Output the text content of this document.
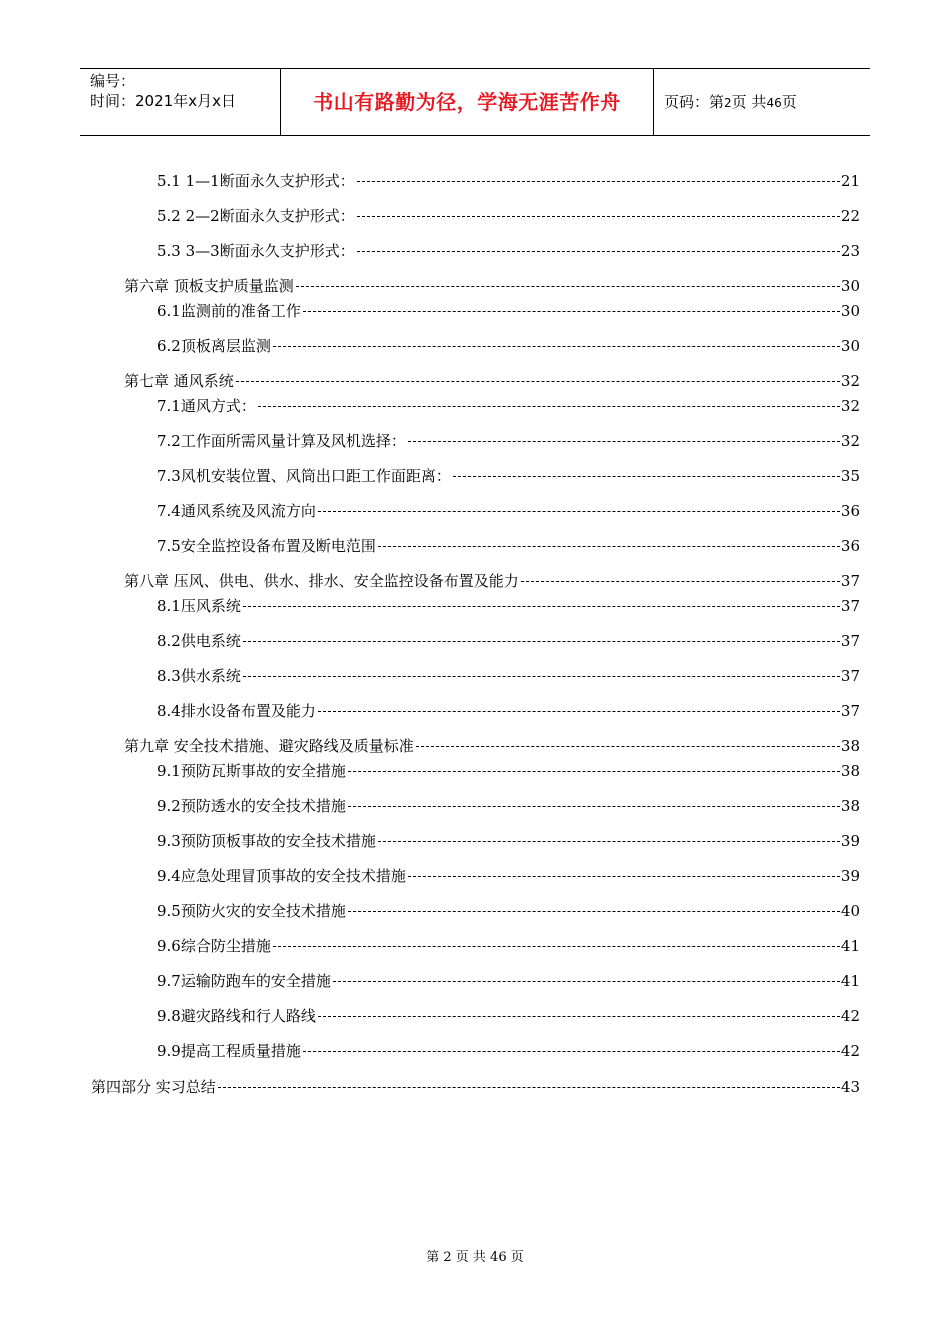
编号：
时间：2021年x月x日	书山有路勤为径，学海无涯苦作舟	页码：第2页 共46页
5.1 1—1断面永久支护形式：	21
5.2 2—2断面永久支护形式：	22
5.3 3—3断面永久支护形式：	23
第六章 顶板支护质量监测	30
6.1监测前的准备工作	30
6.2顶板离层监测	30
第七章 通风系统	32
7.1通风方式：	32
7.2工作面所需风量计算及风机选择：	32
7.3风机安装位置、风筒出口距工作面距离：	35
7.4通风系统及风流方向	36
7.5安全监控设备布置及断电范围	36
第八章 压风、供电、供水、排水、安全监控设备布置及能力	37
8.1压风系统	37
8.2供电系统	37
8.3供水系统	37
8.4排水设备布置及能力	37
第九章 安全技术措施、避灾路线及质量标准	38
9.1预防瓦斯事故的安全措施	38
9.2预防透水的安全技术措施	38
9.3预防顶板事故的安全技术措施	39
9.4应急处理冒顶事故的安全技术措施	39
9.5预防火灾的安全技术措施	40
9.6综合防尘措施	41
9.7运输防跑车的安全措施	41
9.8避灾路线和行人路线	42
9.9提高工程质量措施	42
第四部分 实习总结	43
第 2 页 共 46 页
